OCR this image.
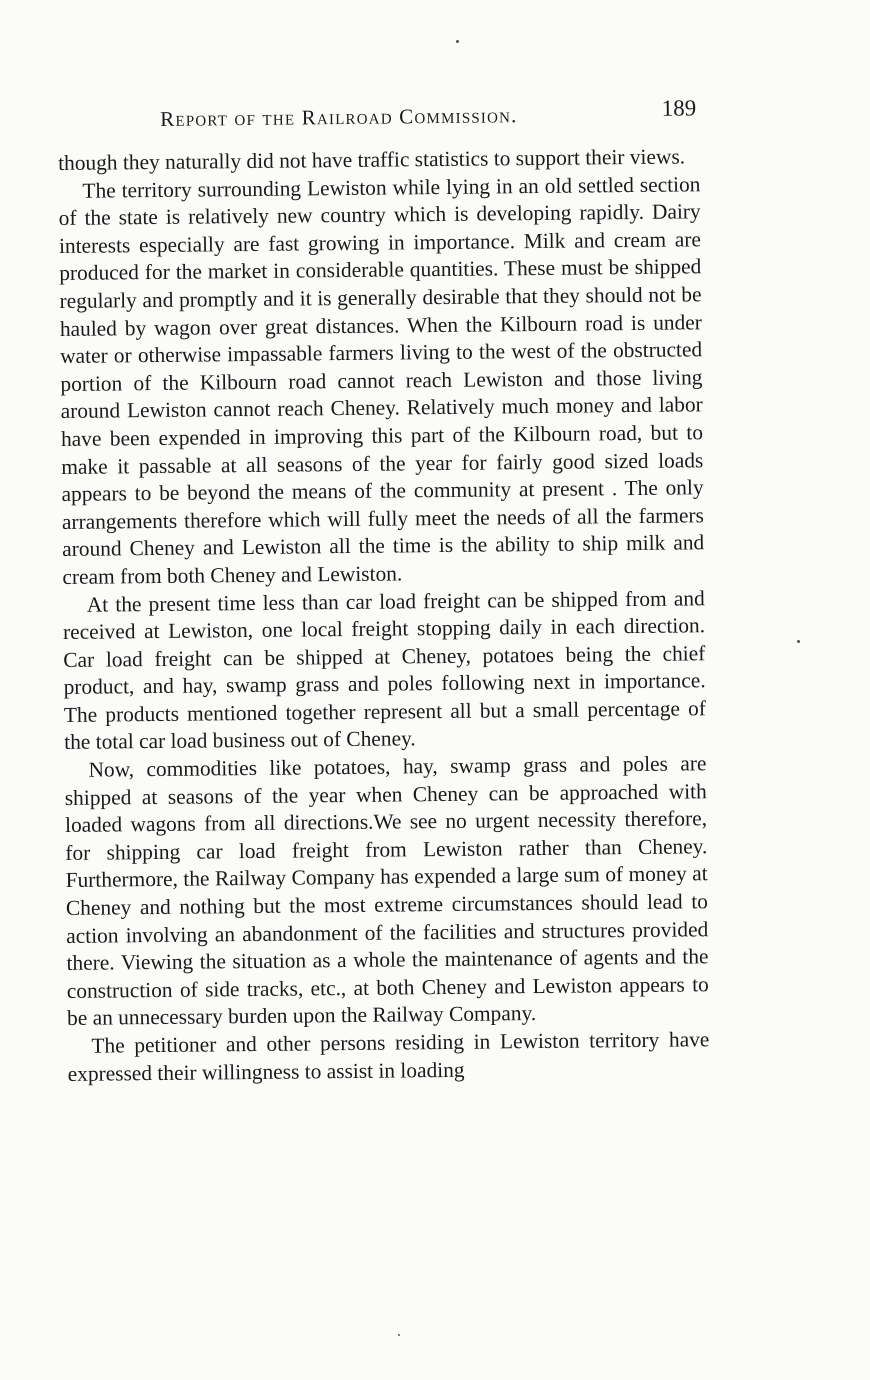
Report of the Railroad Commission.	189

though they naturally did not have traffic statistics to support their views.

The territory surrounding Lewiston while lying in an old settled section of the state is relatively new country which is developing rapidly. Dairy interests especially are fast growing in importance. Milk and cream are produced for the market in considerable quantities. These must be shipped regularly and promptly and it is generally desirable that they should not be hauled by wagon over great distances. When the Kilbourn road is under water or otherwise impassable farmers living to the west of the obstructed portion of the Kilbourn road cannot reach Lewiston and those living around Lewiston cannot reach Cheney. Relatively much money and labor have been expended in improving this part of the Kilbourn road, but to make it passable at all seasons of the year for fairly good sized loads appears to be beyond the means of the community at present . The only arrangements therefore which will fully meet the needs of all the farmers around Cheney and Lewiston all the time is the ability to ship milk and cream from both Cheney and Lewiston.

At the present time less than car load freight can be shipped from and received at Lewiston, one local freight stopping daily in each direction. Car load freight can be shipped at Cheney, potatoes being the chief product, and hay, swamp grass and poles following next in importance. The products mentioned together represent all but a small percentage of the total car load business out of Cheney.

Now, commodities like potatoes, hay, swamp grass and poles are shipped at seasons of the year when Cheney can be approached with loaded wagons from all directions.We see no urgent necessity therefore, for shipping car load freight from Lewiston rather than Cheney. Furthermore, the Railway Company has expended a large sum of money at Cheney and nothing but the most extreme circumstances should lead to action involving an abandonment of the facilities and structures provided there. Viewing the situation as a whole the maintenance of agents and the construction of side tracks, etc., at both Cheney and Lewiston appears to be an unnecessary burden upon the Railway Company.

The petitioner and other persons residing in Lewiston territory have expressed their willingness to assist in loading
